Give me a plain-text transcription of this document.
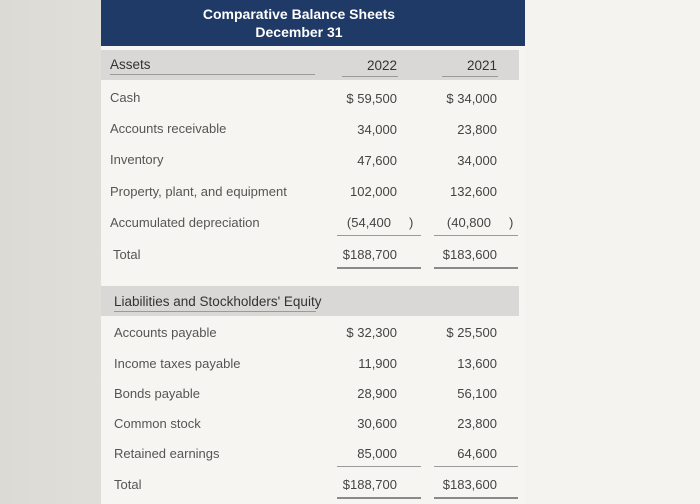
Comparative Balance Sheets
December 31
Assets	2022	2021
Cash	$ 59,500	$ 34,000
Accounts receivable	34,000	23,800
Inventory	47,600	34,000
Property, plant, and equipment	102,000	132,600
Accumulated depreciation	(54,400 )	(40,800 )
Total	$188,700	$183,600
Liabilities and Stockholders' Equity
Accounts payable	$ 32,300	$ 25,500
Income taxes payable	11,900	13,600
Bonds payable	28,900	56,100
Common stock	30,600	23,800
Retained earnings	85,000	64,600
Total	$188,700	$183,600
